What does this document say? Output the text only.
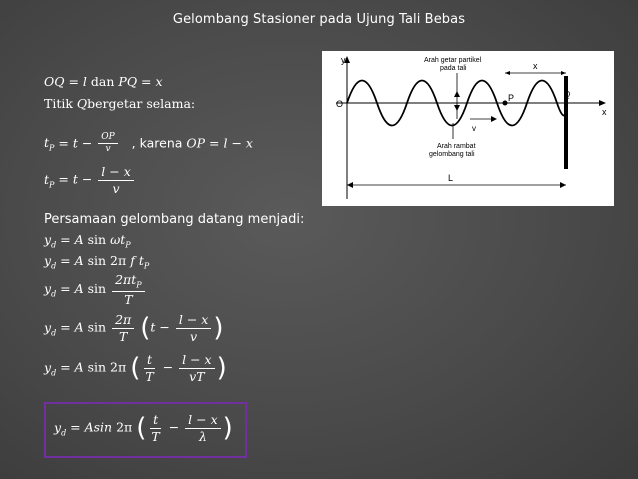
Gelombang Stasioner pada Ujung Tali Bebas
OQ = l dan PQ = x
Titik Qbergetar selama:
$t_P = t - \frac{OP}{v}$ , karena OP = l − x
$t_P = t - \frac{l - x}{v}$
Persamaan gelombang datang menjadi:
$y_d = A$ $\sin \omega t_P$
$y_d = A$ sin 2π f $t_P$
$y_d = A$ $\sin \frac{2\pi t_P}{T}$
$y_d = A$ $\sin \frac{2\pi}{T} (t - \frac{l - x}{v}$ )
$y_d = A$ sin 2π ( $\frac{t}{T} - \frac{l - x}{vT}$ )
$y_d = Asin$ 2π ( $\frac{t}{T} - \frac{l - x}{\lambda}$ )
y
x
O
Q
P
x
Arah getar partikel
pada tali
v
Arah rambat
gelombang tali
L
